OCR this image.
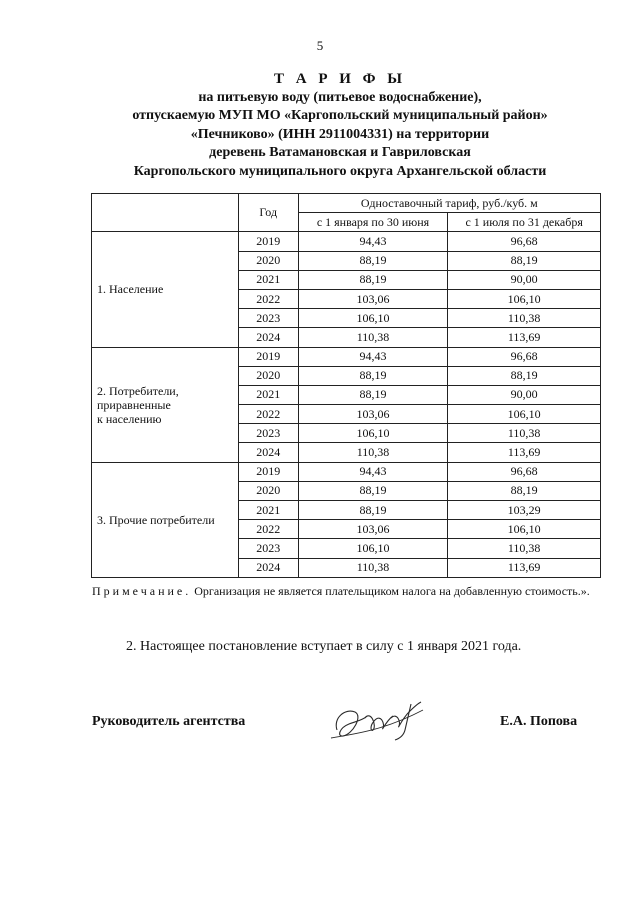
5
Т А Р И Ф Ы
на питьевую воду (питьевое водоснабжение),
отпускаемую МУП МО «Каргопольский муниципальный район»
«Печниково» (ИНН 2911004331) на территории
деревень Ватамановская и Гавриловская
Каргопольского муниципального округа Архангельской области
	Год	Одноставочный тариф, руб./куб. м	
		с 1 января по 30 июня	с 1 июля по 31 декабря
1. Население	2019	94,43	96,68
	2020	88,19	88,19
	2021	88,19	90,00
	2022	103,06	106,10
	2023	106,10	110,38
	2024	110,38	113,69

2. Потребители,
приравненные
к населению	2019	94,43	96,68
	2020	88,19	88,19
	2021	88,19	90,00
	2022	103,06	106,10
	2023	106,10	110,38
	2024	110,38	113,69
3. Прочие потребители	2019	94,43	96,68
	2020	88,19	88,19
	2021	88,19	103,29
	2022	103,06	106,10
	2023	106,10	110,38
	2024	110,38	113,69
Примечание. Организация не является плательщиком налога на добавленную стоимость.».
2. Настоящее постановление вступает в силу с 1 января 2021 года.
Руководитель агентства	Е.А. Попова
